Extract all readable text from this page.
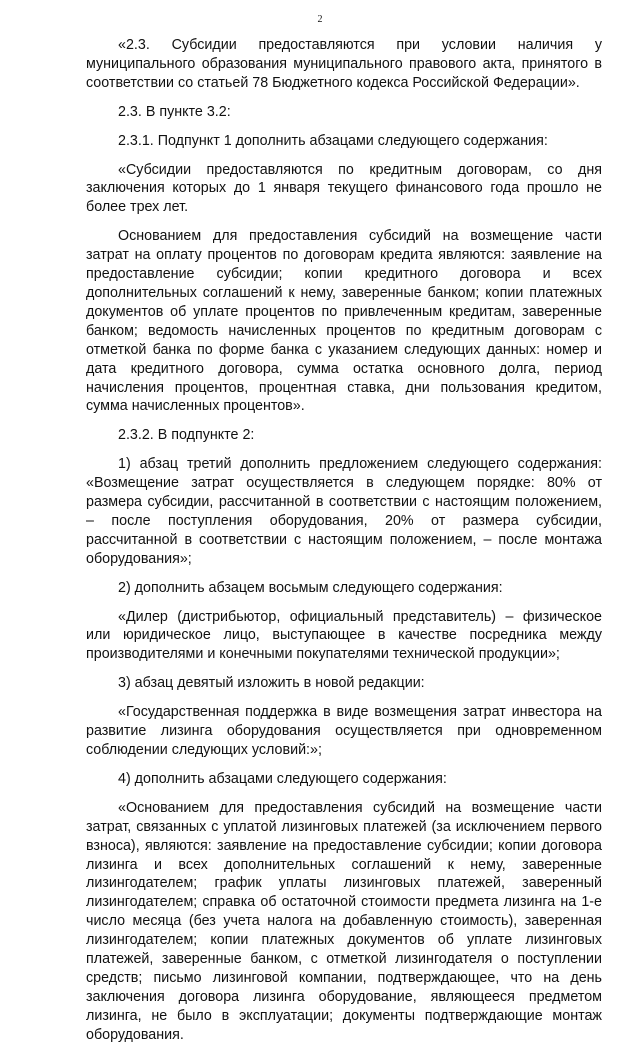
2

«2.3. Субсидии предоставляются при условии наличия у муниципального образования муниципального правового акта, принятого в соответствии со статьей 78 Бюджетного кодекса Российской Федерации».

2.3. В пункте 3.2:

2.3.1. Подпункт 1 дополнить абзацами следующего содержания:

«Субсидии предоставляются по кредитным договорам, со дня заключения которых до 1 января текущего финансового года прошло не более трех лет.

Основанием для предоставления субсидий на возмещение части затрат на оплату процентов по договорам кредита являются: заявление на предоставление субсидии; копии кредитного договора и всех дополнительных соглашений к нему, заверенные банком; копии платежных документов об уплате процентов по привлеченным кредитам, заверенные банком; ведомость начисленных процентов по кредитным договорам с отметкой банка по форме банка с указанием следующих данных: номер и дата кредитного договора, сумма остатка основного долга, период начисления процентов, процентная ставка, дни пользования кредитом, сумма начисленных процентов».

2.3.2. В подпункте 2:

1) абзац третий дополнить предложением следующего содержания: «Возмещение затрат осуществляется в следующем порядке: 80% от размера субсидии, рассчитанной в соответствии с настоящим положением, – после поступления оборудования, 20% от размера субсидии, рассчитанной в соответствии с настоящим положением, – после монтажа оборудования»;

2) дополнить абзацем восьмым следующего содержания:

«Дилер (дистрибьютор, официальный представитель) – физическое или юридическое лицо, выступающее в качестве посредника между производителями и конечными покупателями технической продукции»;

3) абзац девятый изложить в новой редакции:

«Государственная поддержка в виде возмещения затрат инвестора на развитие лизинга оборудования осуществляется при одновременном соблюдении следующих условий:»;

4) дополнить абзацами следующего содержания:

«Основанием для предоставления субсидий на возмещение части затрат, связанных с уплатой лизинговых платежей (за исключением первого взноса), являются: заявление на предоставление субсидии; копии договора лизинга и всех дополнительных соглашений к нему, заверенные лизингодателем; график уплаты лизинговых платежей, заверенный лизингодателем; справка об остаточной стоимости предмета лизинга на 1-е число месяца (без учета налога на добавленную стоимость), заверенная лизингодателем; копии платежных документов об уплате лизинговых платежей, заверенные банком, с отметкой лизингодателя о поступлении средств; письмо лизинговой компании, подтверждающее, что на день заключения договора лизинга оборудование, являющееся предметом лизинга, не было в эксплуатации; документы подтверждающие монтаж оборудования.
